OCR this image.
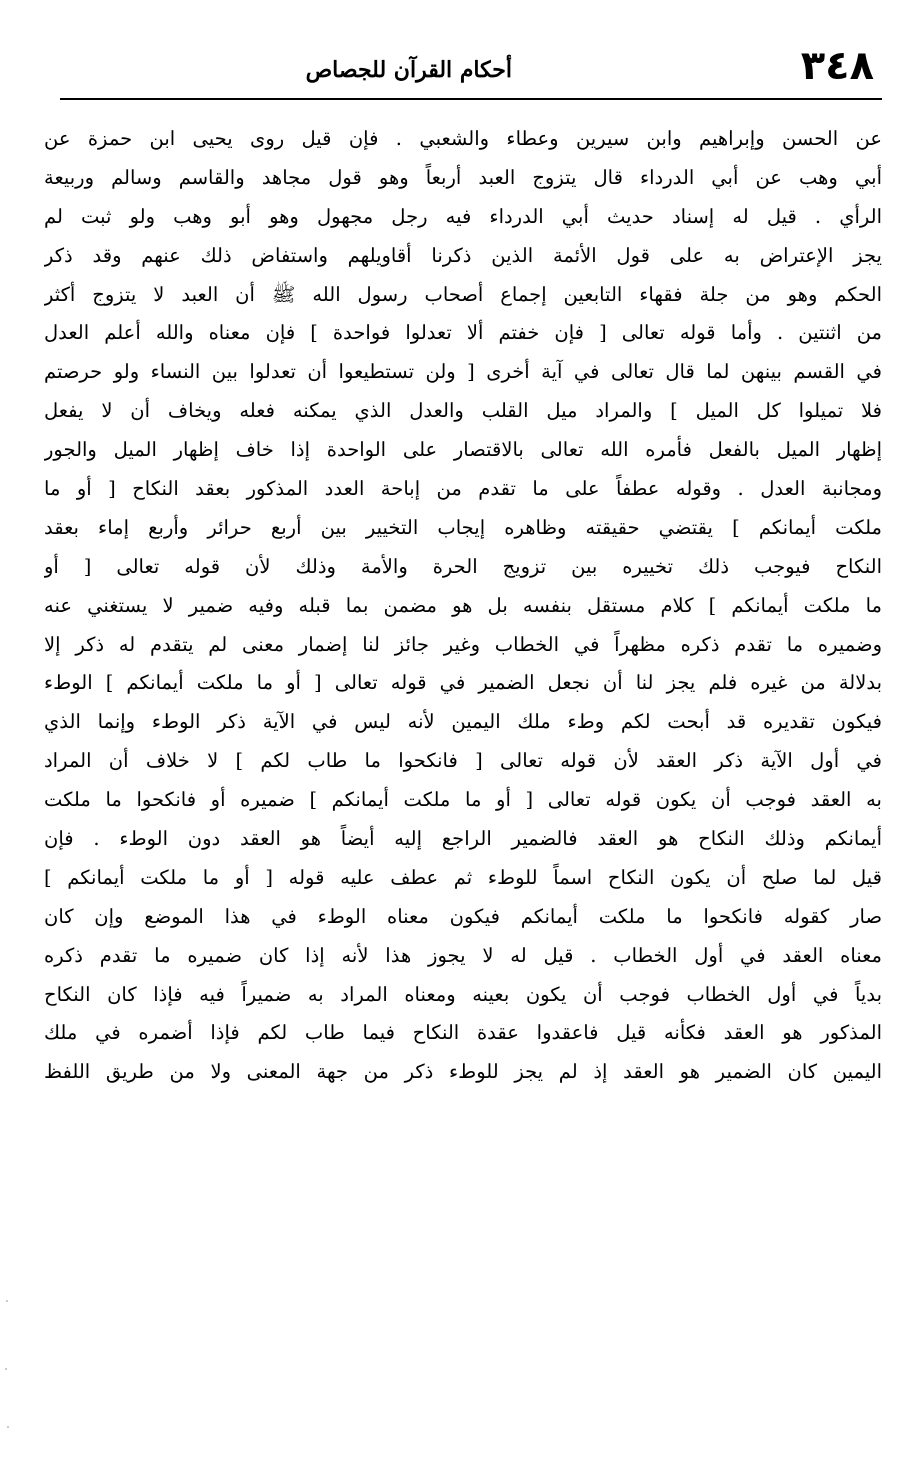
٣٤٨
أحكام القرآن للجصاص
عن الحسن وإبراهيم وابن سيرين وعطاء والشعبي . فإن قيل روى يحيى ابن حمزة عن
أبي وهب عن أبي الدرداء قال يتزوج العبد أربعاً وهو قول مجاهد والقاسم وسالم وربيعة
الرأي . قيل له إسناد حديث أبي الدرداء فيه رجل مجهول وهو أبو وهب ولو ثبت لم
يجز الإعتراض به على قول الأئمة الذين ذكرنا أقاويلهم واستفاض ذلك عنهم وقد ذكر
الحكم وهو من جلة فقهاء التابعين إجماع أصحاب رسول الله ﷺ أن العبد لا يتزوج أكثر
من اثنتين . وأما قوله تعالى [ فإن خفتم ألا تعدلوا فواحدة ] فإن معناه والله أعلم العدل
في القسم بينهن لما قال تعالى في آية أخرى [ ولن تستطيعوا أن تعدلوا بين النساء ولو حرصتم
فلا تميلوا كل الميل ] والمراد ميل القلب والعدل الذي يمكنه فعله ويخاف أن لا يفعل
إظهار الميل بالفعل فأمره الله تعالى بالاقتصار على الواحدة إذا خاف إظهار الميل والجور
ومجانبة العدل . وقوله عطفاً على ما تقدم من إباحة العدد المذكور بعقد النكاح [ أو ما
ملكت أيمانكم ] يقتضي حقيقته وظاهره إيجاب التخيير بين أربع حرائر وأربع إماء بعقد
النكاح فيوجب ذلك تخييره بين تزويج الحرة والأمة وذلك لأن قوله تعالى [ أو
ما ملكت أيمانكم ] كلام مستقل بنفسه بل هو مضمن بما قبله وفيه ضمير لا يستغني عنه
وضميره ما تقدم ذكره مظهراً في الخطاب وغير جائز لنا إضمار معنى لم يتقدم له ذكر إلا
بدلالة من غيره فلم يجز لنا أن نجعل الضمير في قوله تعالى [ أو ما ملكت أيمانكم ] الوطء
فيكون تقديره قد أبحت لكم وطء ملك اليمين لأنه ليس في الآية ذكر الوطء وإنما الذي
في أول الآية ذكر العقد لأن قوله تعالى [ فانكحوا ما طاب لكم ] لا خلاف أن المراد
به العقد فوجب أن يكون قوله تعالى [ أو ما ملكت أيمانكم ] ضميره أو فانكحوا ما ملكت
أيمانكم وذلك النكاح هو العقد فالضمير الراجع إليه أيضاً هو العقد دون الوطء . فإن
قيل لما صلح أن يكون النكاح اسماً للوطء ثم عطف عليه قوله [ أو ما ملكت أيمانكم ]
صار كقوله فانكحوا ما ملكت أيمانكم فيكون معناه الوطء في هذا الموضع وإن كان
معناه العقد في أول الخطاب . قيل له لا يجوز هذا لأنه إذا كان ضميره ما تقدم ذكره
بدياً في أول الخطاب فوجب أن يكون بعينه ومعناه المراد به ضميراً فيه فإذا كان النكاح
المذكور هو العقد فكأنه قيل فاعقدوا عقدة النكاح فيما طاب لكم فإذا أضمره في ملك
اليمين كان الضمير هو العقد إذ لم يجز للوطء ذكر من جهة المعنى ولا من طريق اللفظ
